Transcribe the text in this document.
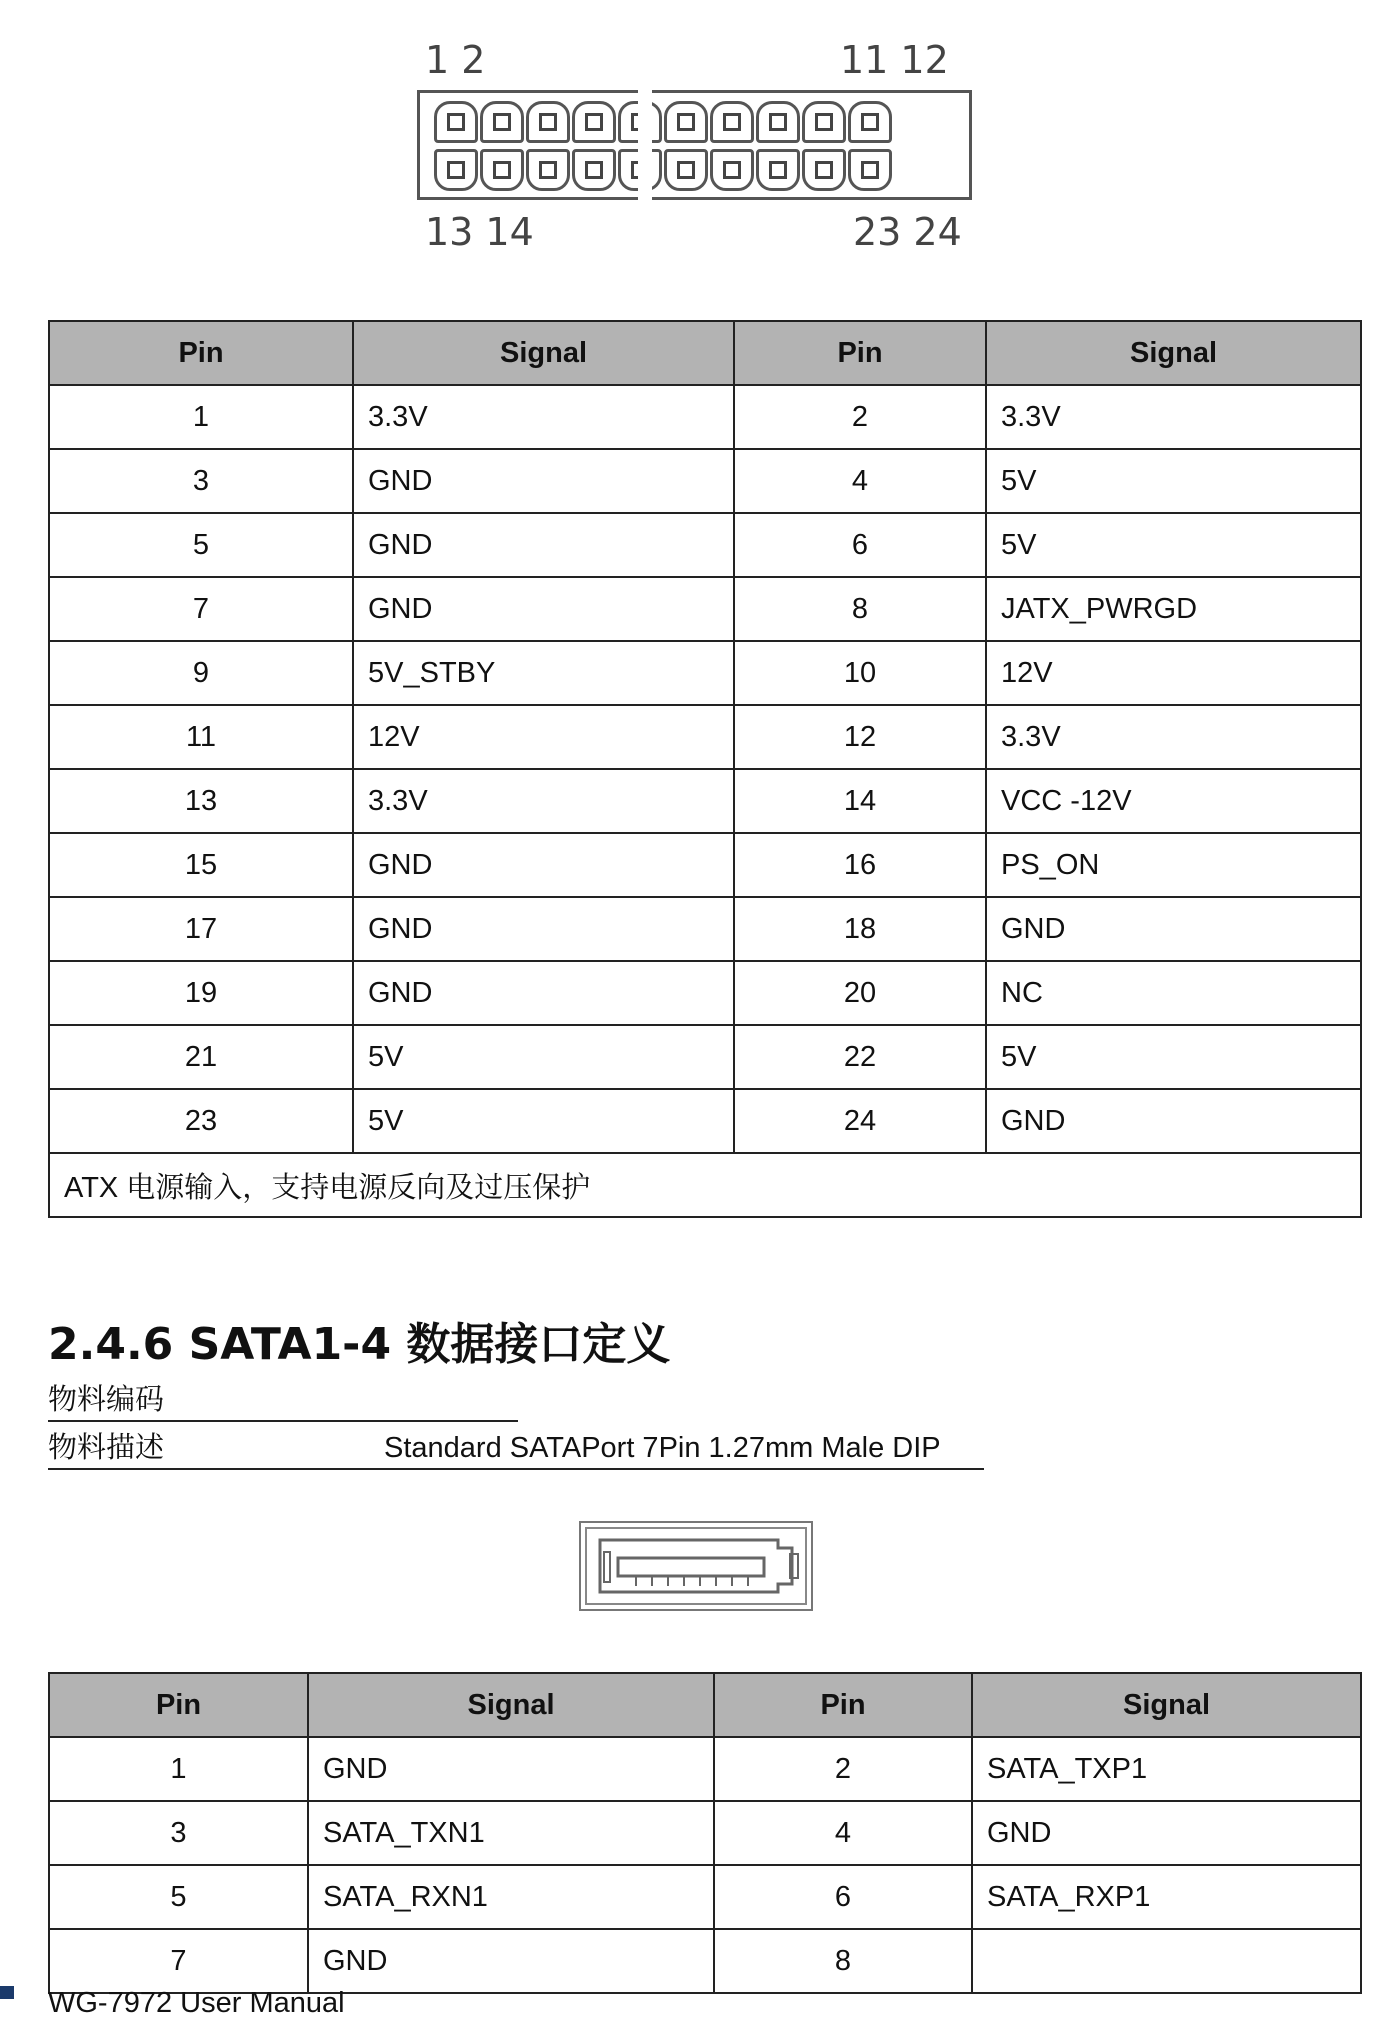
1 2	11 12
13 14	23 24
Pin	Signal	Pin	Signal
1	3.3V	2	3.3V
3	GND	4	5V
5	GND	6	5V
7	GND	8	JATX_PWRGD
9	5V_STBY	10	12V
11	12V	12	3.3V
13	3.3V	14	VCC -12V
15	GND	16	PS_ON
17	GND	18	GND
19	GND	20	NC
21	5V	22	5V
23	5V	24	GND
ATX 电源输入，支持电源反向及过压保护			
2.4.6 SATA1-4 数据接口定义
物料编码
物料描述	Standard SATAPort 7Pin 1.27mm Male DIP
Pin	Signal	Pin	Signal
1	GND	2	SATA_TXP1
3	SATA_TXN1	4	GND
5	SATA_RXN1	6	SATA_RXP1
7	GND	8	
WG-7972 User Manual
